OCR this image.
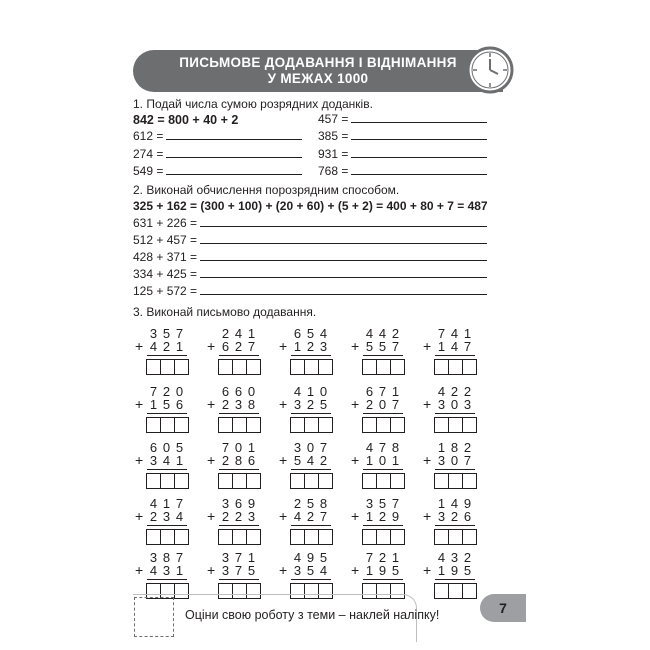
ПИСЬМОВЕ ДОДАВАННЯ І ВІДНІМАННЯ
У МЕЖАХ 1000
1. Подай числа сумою розрядних доданків.
842 = 800 + 40 + 2
612 =
274 =
549 =
457 =
385 =
931 =
768 =
2. Виконай обчислення порозрядним способом.
325 + 162 = (300 + 100) + (20 + 60) + (5 + 2) = 400 + 80 + 7 = 487
631 + 226 =
512 + 457 =
428 + 371 =
334 + 425 =
125 + 572 =
3. Виконай письмово додавання.
+
3 5 7
4 2 1 +
2 4 1
6 2 7 +
6 5 4
1 2 3 +
4 4 2
5 5 7 +
7 4 1
1 4 7
+
7 2 0
1 5 6 +
6 6 0
2 3 8 +
4 1 0
3 2 5 +
6 7 1
2 0 7 +
4 2 2
3 0 3
+
6 0 5
3 4 1 +
7 0 1
2 8 6 +
3 0 7
5 4 2 +
4 7 8
1 0 1 +
1 8 2
3 0 7
+
4 1 7
2 3 4 +
3 6 9
2 2 3 +
2 5 8
4 2 7 +
3 5 7
1 2 9 +
1 4 9
3 2 6
+
3 8 7
4 3 1 +
3 7 1
3 7 5 +
4 9 5
3 5 4 +
7 2 1
1 9 5 +
4 3 2
1 9 5
Оціни свою роботу з теми – наклей наліпку!	7
